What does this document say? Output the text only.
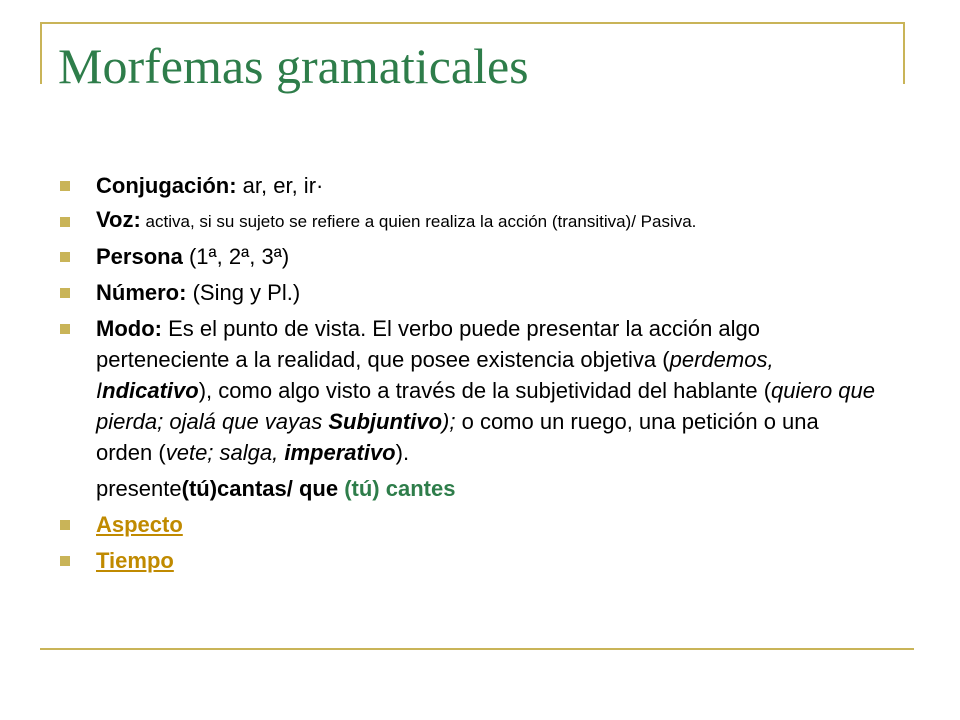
Morfemas gramaticales
Conjugación: ar, er, ir·
Voz: activa, si su sujeto se refiere a quien realiza la acción (transitiva)/ Pasiva.
Persona (1ª, 2ª, 3ª)
Número: (Sing y Pl.)
Modo: Es el punto de vista. El verbo puede presentar la acción algo perteneciente a la realidad, que posee existencia objetiva (perdemos, Indicativo), como algo visto a través de la subjetividad del hablante (quiero que pierda; ojalá que vayas Subjuntivo); o como un ruego, una petición o una orden (vete; salga, imperativo).
presente(tú)cantas/ que (tú) cantes
Aspecto
Tiempo
